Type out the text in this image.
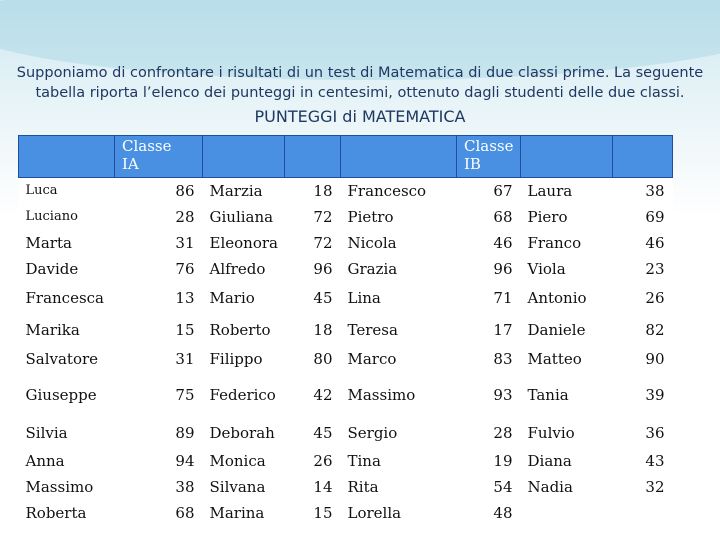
Supponiamo di confrontare i risultati di un test di Matematica di due classi prime. La seguente
tabella riporta l’elenco dei punteggi in centesimi, ottenuto dagli studenti delle due classi.
PUNTEGGI di MATEMATICA
	Classe
IA				Classe
IB		
Luca	86	Marzia	18	Francesco	67	Laura	38
Luciano	28	Giuliana	72	Pietro	68	Piero	69
Marta	31	Eleonora	72	Nicola	46	Franco	46
Davide	76	Alfredo	96	Grazia	96	Viola	23
Francesca	13	Mario	45	Lina	71	Antonio	26
Marika	15	Roberto	18	Teresa	17	Daniele	82
Salvatore	31	Filippo	80	Marco	83	Matteo	90
Giuseppe	75	Federico	42	Massimo	93	Tania	39
Silvia	89	Deborah	45	Sergio	28	Fulvio	36
Anna	94	Monica	26	Tina	19	Diana	43
Massimo	38	Silvana	14	Rita	54	Nadia	32
Roberta	68	Marina	15	Lorella	48		
